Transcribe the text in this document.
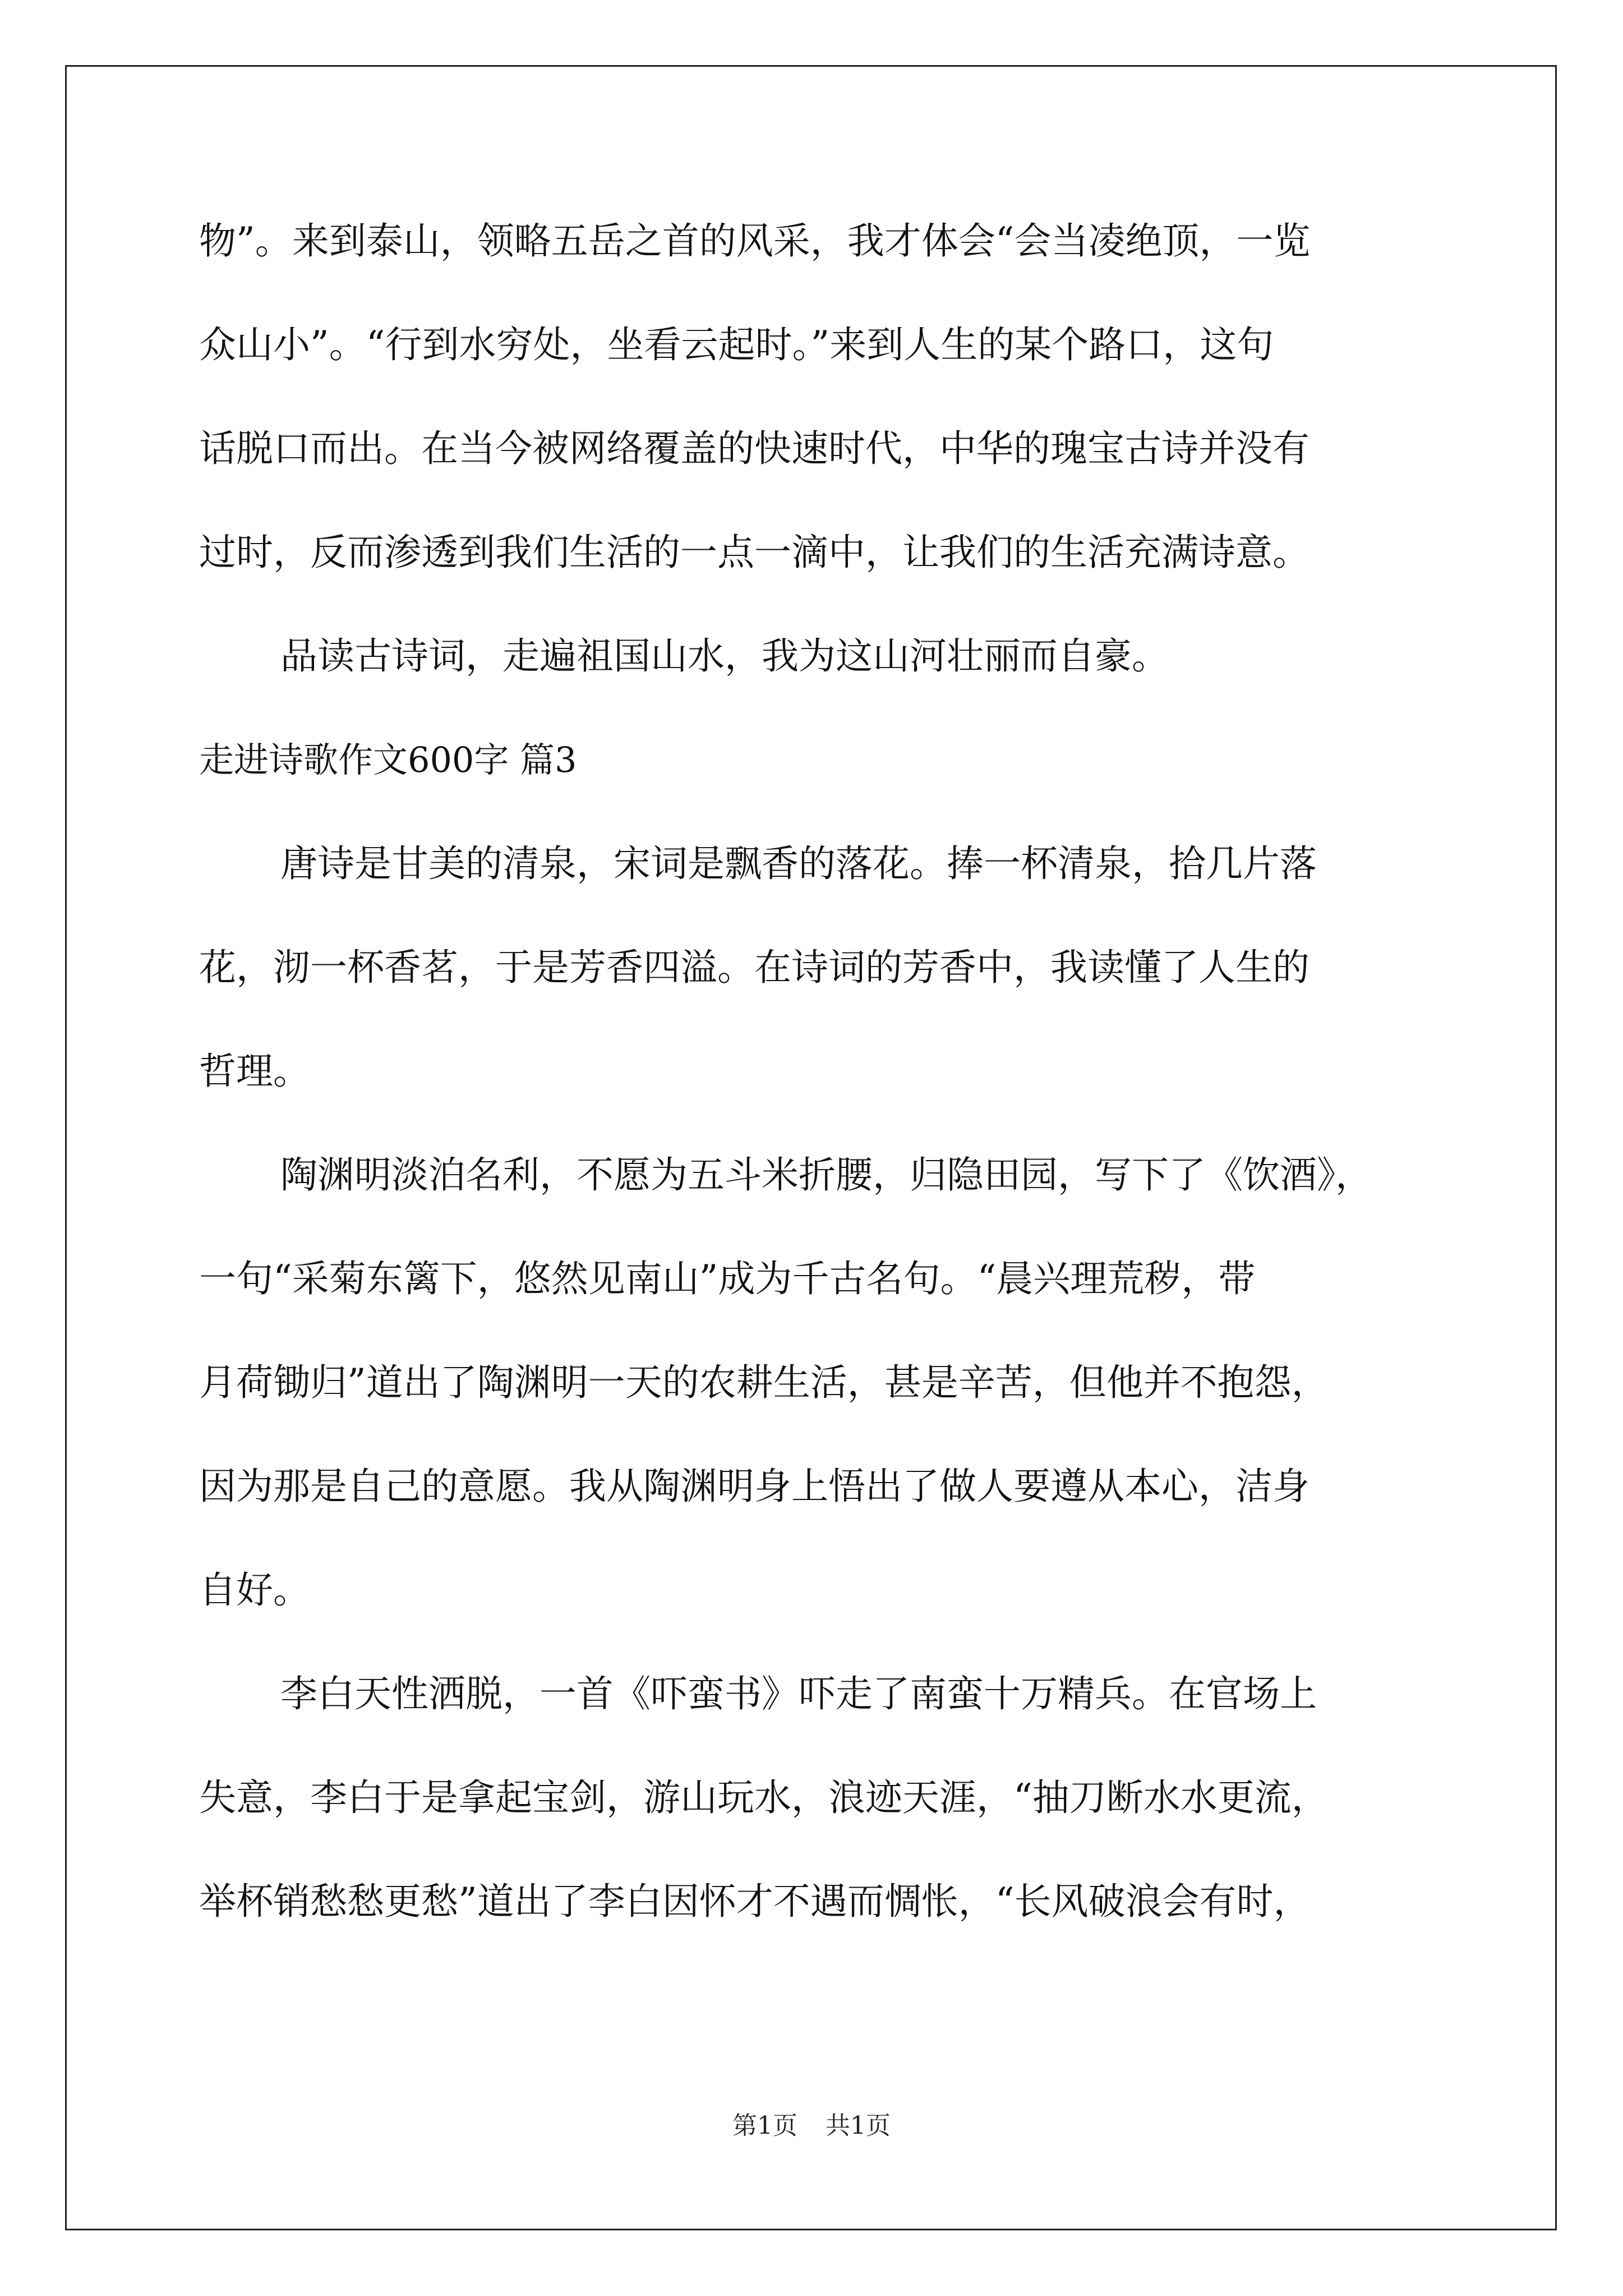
物”。来到泰山，领略五岳之首的风采，我才体会“会当凌绝顶，一览
众山小”。“行到水穷处，坐看云起时。”来到人生的某个路口，这句
话脱口而出。在当今被网络覆盖的快速时代，中华的瑰宝古诗并没有
过时，反而渗透到我们生活的一点一滴中，让我们的生活充满诗意。
品读古诗词，走遍祖国山水，我为这山河壮丽而自豪。
走进诗歌作文600字 篇3
唐诗是甘美的清泉，宋词是飘香的落花。捧一杯清泉，拾几片落
花，沏一杯香茗，于是芳香四溢。在诗词的芳香中，我读懂了人生的
哲理。
陶渊明淡泊名利，不愿为五斗米折腰，归隐田园，写下了《饮酒》，
一句“采菊东篱下，悠然见南山”成为千古名句。“晨兴理荒秽，带
月荷锄归”道出了陶渊明一天的农耕生活，甚是辛苦，但他并不抱怨，
因为那是自己的意愿。我从陶渊明身上悟出了做人要遵从本心，洁身
自好。
李白天性洒脱，一首《吓蛮书》吓走了南蛮十万精兵。在官场上
失意，李白于是拿起宝剑，游山玩水，浪迹天涯，“抽刀断水水更流，
举杯销愁愁更愁”道出了李白因怀才不遇而惆怅，“长风破浪会有时，
第1页 共1页
